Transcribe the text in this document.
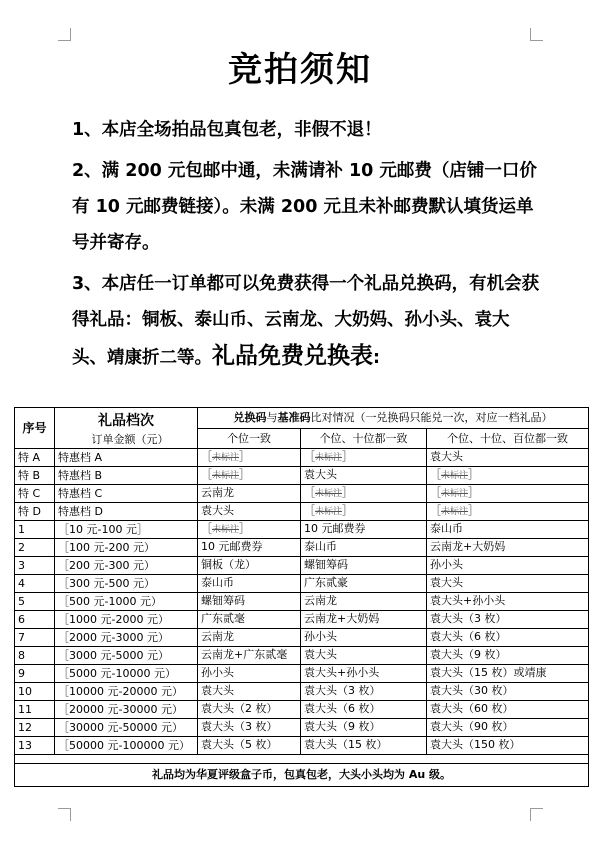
竞拍须知

1、本店全场拍品包真包老，非假不退！

2、满 200 元包邮中通，未满请补 10 元邮费（店铺一口价有 10 元邮费链接）。未满 200 元且未补邮费默认填货运单号并寄存。

3、本店任一订单都可以免费获得一个礼品兑换码，有机会获得礼品：铜板、泰山币、云南龙、大奶妈、孙小头、袁大头、靖康折二等。礼品免费兑换表:

序号	礼品档次
订单金额（元）	兑换码与基准码比对情况（一兑换码只能兑一次，对应一档礼品）		
		个位一致	个位、十位都一致	个位、十位、百位都一致
特 A	特惠档 A	［未标注］	［未标注］	袁大头
特 B	特惠档 B	［未标注］	袁大头	［未标注］
特 C	特惠档 C	云南龙	［未标注］	［未标注］
特 D	特惠档 D	袁大头	［未标注］	［未标注］
1	［10 元-100 元］	［未标注］	10 元邮费券	泰山币
2	［100 元-200 元）	10 元邮费券	泰山币	云南龙+大奶妈
3	［200 元-300 元）	铜板（龙）	螺钿筹码	孙小头
4	［300 元-500 元）	泰山币	广东贰豪	袁大头
5	［500 元-1000 元）	螺钿筹码	云南龙	袁大头+孙小头
6	［1000 元-2000 元）	广东贰毫	云南龙+大奶妈	袁大头（3 枚）
7	［2000 元-3000 元）	云南龙	孙小头	袁大头（6 枚）
8	［3000 元-5000 元）	云南龙+广东贰毫	袁大头	袁大头（9 枚）
9	［5000 元-10000 元）	孙小头	袁大头+孙小头	袁大头（15 枚）或靖康
10	［10000 元-20000 元）	袁大头	袁大头（3 枚）	袁大头（30 枚）
11	［20000 元-30000 元）	袁大头（2 枚）	袁大头（6 枚）	袁大头（60 枚）
12	［30000 元-50000 元）	袁大头（3 枚）	袁大头（9 枚）	袁大头（90 枚）
13	［50000 元-100000 元）	袁大头（5 枚）	袁大头（15 枚）	袁大头（150 枚）

礼品均为华夏评级盒子币，包真包老，大头小头均为 Au 级。				
